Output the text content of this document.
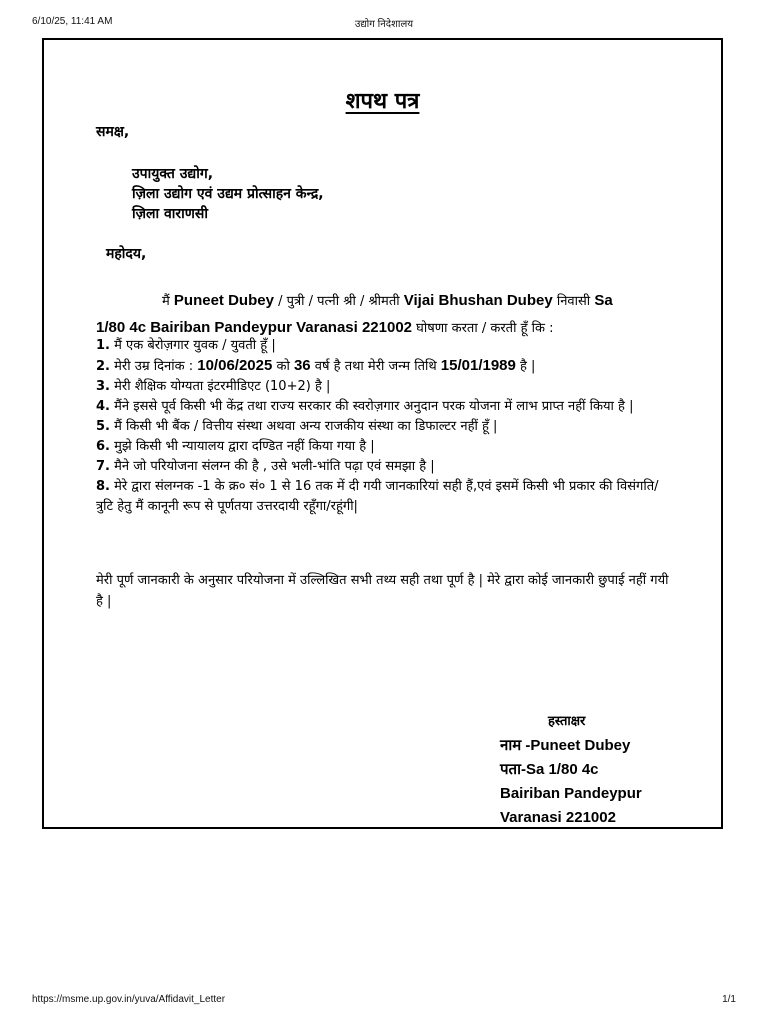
6/10/25, 11:41 AM	उद्योग निदेशालय
शपथ पत्र
समक्ष,
उपायुक्त उद्योग,
ज़िला उद्योग एवं उद्यम प्रोत्साहन केन्द्र,
ज़िला वाराणसी
महोदय,
मैं Puneet Dubey / पुत्री / पत्नी श्री / श्रीमती Vijai Bhushan Dubey निवासी Sa
1/80 4c Bairiban Pandeypur Varanasi 221002 घोषणा करता / करती हूँ कि :

1. मैं एक बेरोज़गार युवक / युवती हूँ |

2. मेरी उम्र दिनांक : 10/06/2025 को 36 वर्ष है तथा मेरी जन्म तिथि 15/01/1989 है |

3. मेरी शैक्षिक योग्यता इंटरमीडिएट (10+2) है |

4. मैंने इससे पूर्व किसी भी केंद्र तथा राज्य सरकार की स्वरोज़गार अनुदान परक योजना में लाभ प्राप्त नहीं किया है |

5. मैं किसी भी बैंक / वित्तीय संस्था अथवा अन्य राजकीय संस्था का डिफाल्टर नहीं हूँ |

6. मुझे किसी भी न्यायालय द्वारा दण्डित नहीं किया गया है |

7. मैने जो परियोजना संलग्न की है , उसे भली-भांति पढ़ा एवं समझा है |

8. मेरे द्वारा संलग्नक -1 के क्र० सं० 1 से 16 तक में दी गयी जानकारियां सही हैं,एवं इसमें किसी भी प्रकार की विसंगति/त्रुटि हेतु मैं कानूनी रूप से पूर्णतया उत्तरदायी रहूँगा/रहूंगी|

मेरी पूर्ण जानकारी के अनुसार परियोजना में उल्लिखित सभी तथ्य सही तथा पूर्ण है | मेरे द्वारा कोई जानकारी छुपाई नहीं गयी है |
हस्ताक्षर
नाम -Puneet Dubey
पता-Sa 1/80 4c
Bairiban Pandeypur
Varanasi 221002
https://msme.up.gov.in/yuva/Affidavit_Letter	1/1
